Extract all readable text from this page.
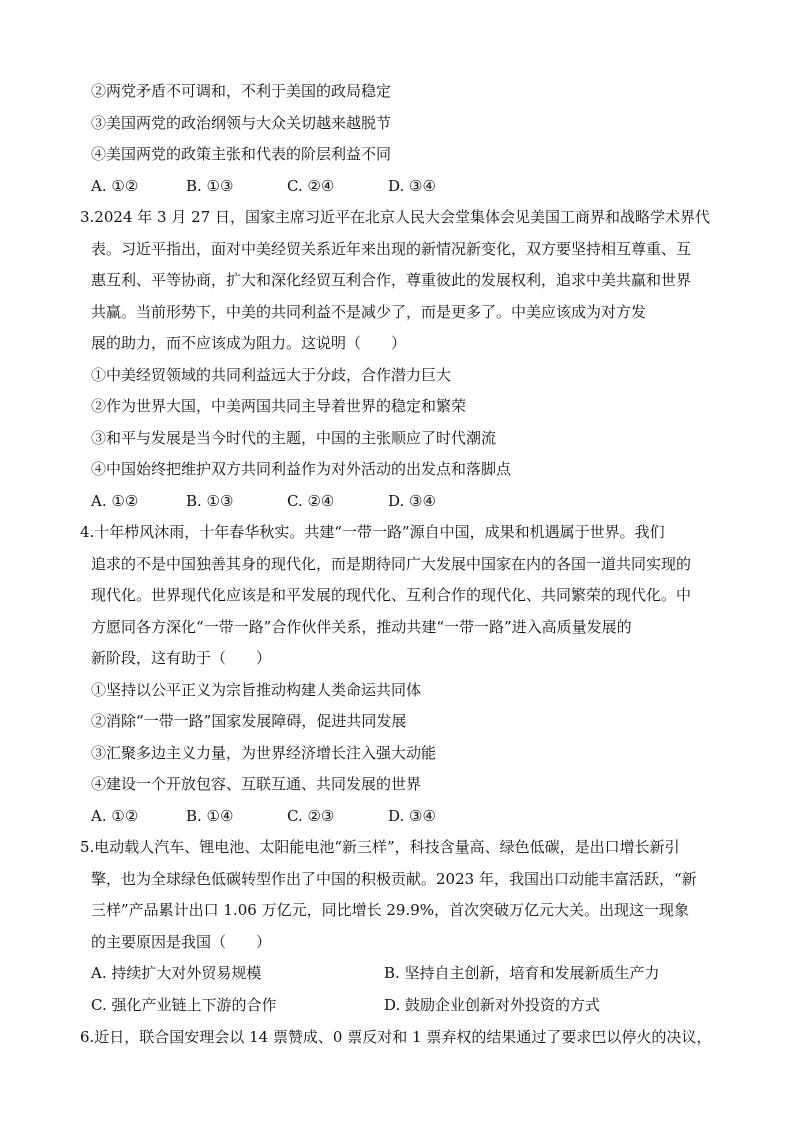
②两党矛盾不可调和，不利于美国的政局稳定
③美国两党的政治纲领与大众关切越来越脱节
④美国两党的政策主张和代表的阶层利益不同
A. ①②	B. ①③	C. ②④	D. ③④
3.2024 年 3 月 27 日，国家主席习近平在北京人民大会堂集体会见美国工商界和战略学术界代
表。习近平指出，面对中美经贸关系近年来出现的新情况新变化，双方要坚持相互尊重、互
惠互利、平等协商，扩大和深化经贸互利合作，尊重彼此的发展权利，追求中美共赢和世界
共赢。当前形势下，中美的共同利益不是减少了，而是更多了。中美应该成为对方发
展的助力，而不应该成为阻力。这说明（　　）
①中美经贸领域的共同利益远大于分歧，合作潜力巨大
②作为世界大国，中美两国共同主导着世界的稳定和繁荣
③和平与发展是当今时代的主题，中国的主张顺应了时代潮流
④中国始终把维护双方共同利益作为对外活动的出发点和落脚点
A. ①②	B. ①③	C. ②④	D. ③④
4.十年栉风沐雨，十年春华秋实。共建“一带一路”源自中国，成果和机遇属于世界。我们
追求的不是中国独善其身的现代化，而是期待同广大发展中国家在内的各国一道共同实现的
现代化。世界现代化应该是和平发展的现代化、互利合作的现代化、共同繁荣的现代化。中
方愿同各方深化“一带一路”合作伙伴关系，推动共建“一带一路”进入高质量发展的
新阶段，这有助于（　　）
①坚持以公平正义为宗旨推动构建人类命运共同体
②消除“一带一路”国家发展障碍，促进共同发展
③汇聚多边主义力量，为世界经济增长注入强大动能
④建设一个开放包容、互联互通、共同发展的世界
A. ①②	B. ①④	C. ②③	D. ③④
5.电动载人汽车、锂电池、太阳能电池“新三样”，科技含量高、绿色低碳，是出口增长新引
擎，也为全球绿色低碳转型作出了中国的积极贡献。2023 年，我国出口动能丰富活跃，“新
三样”产品累计出口 1.06 万亿元，同比增长 29.9%，首次突破万亿元大关。出现这一现象
的主要原因是我国（　　）
A. 持续扩大对外贸易规模	B. 坚持自主创新，培育和发展新质生产力
C. 强化产业链上下游的合作	D. 鼓励企业创新对外投资的方式
6.近日，联合国安理会以 14 票赞成、0 票反对和 1 票弃权的结果通过了要求巴以停火的决议，
